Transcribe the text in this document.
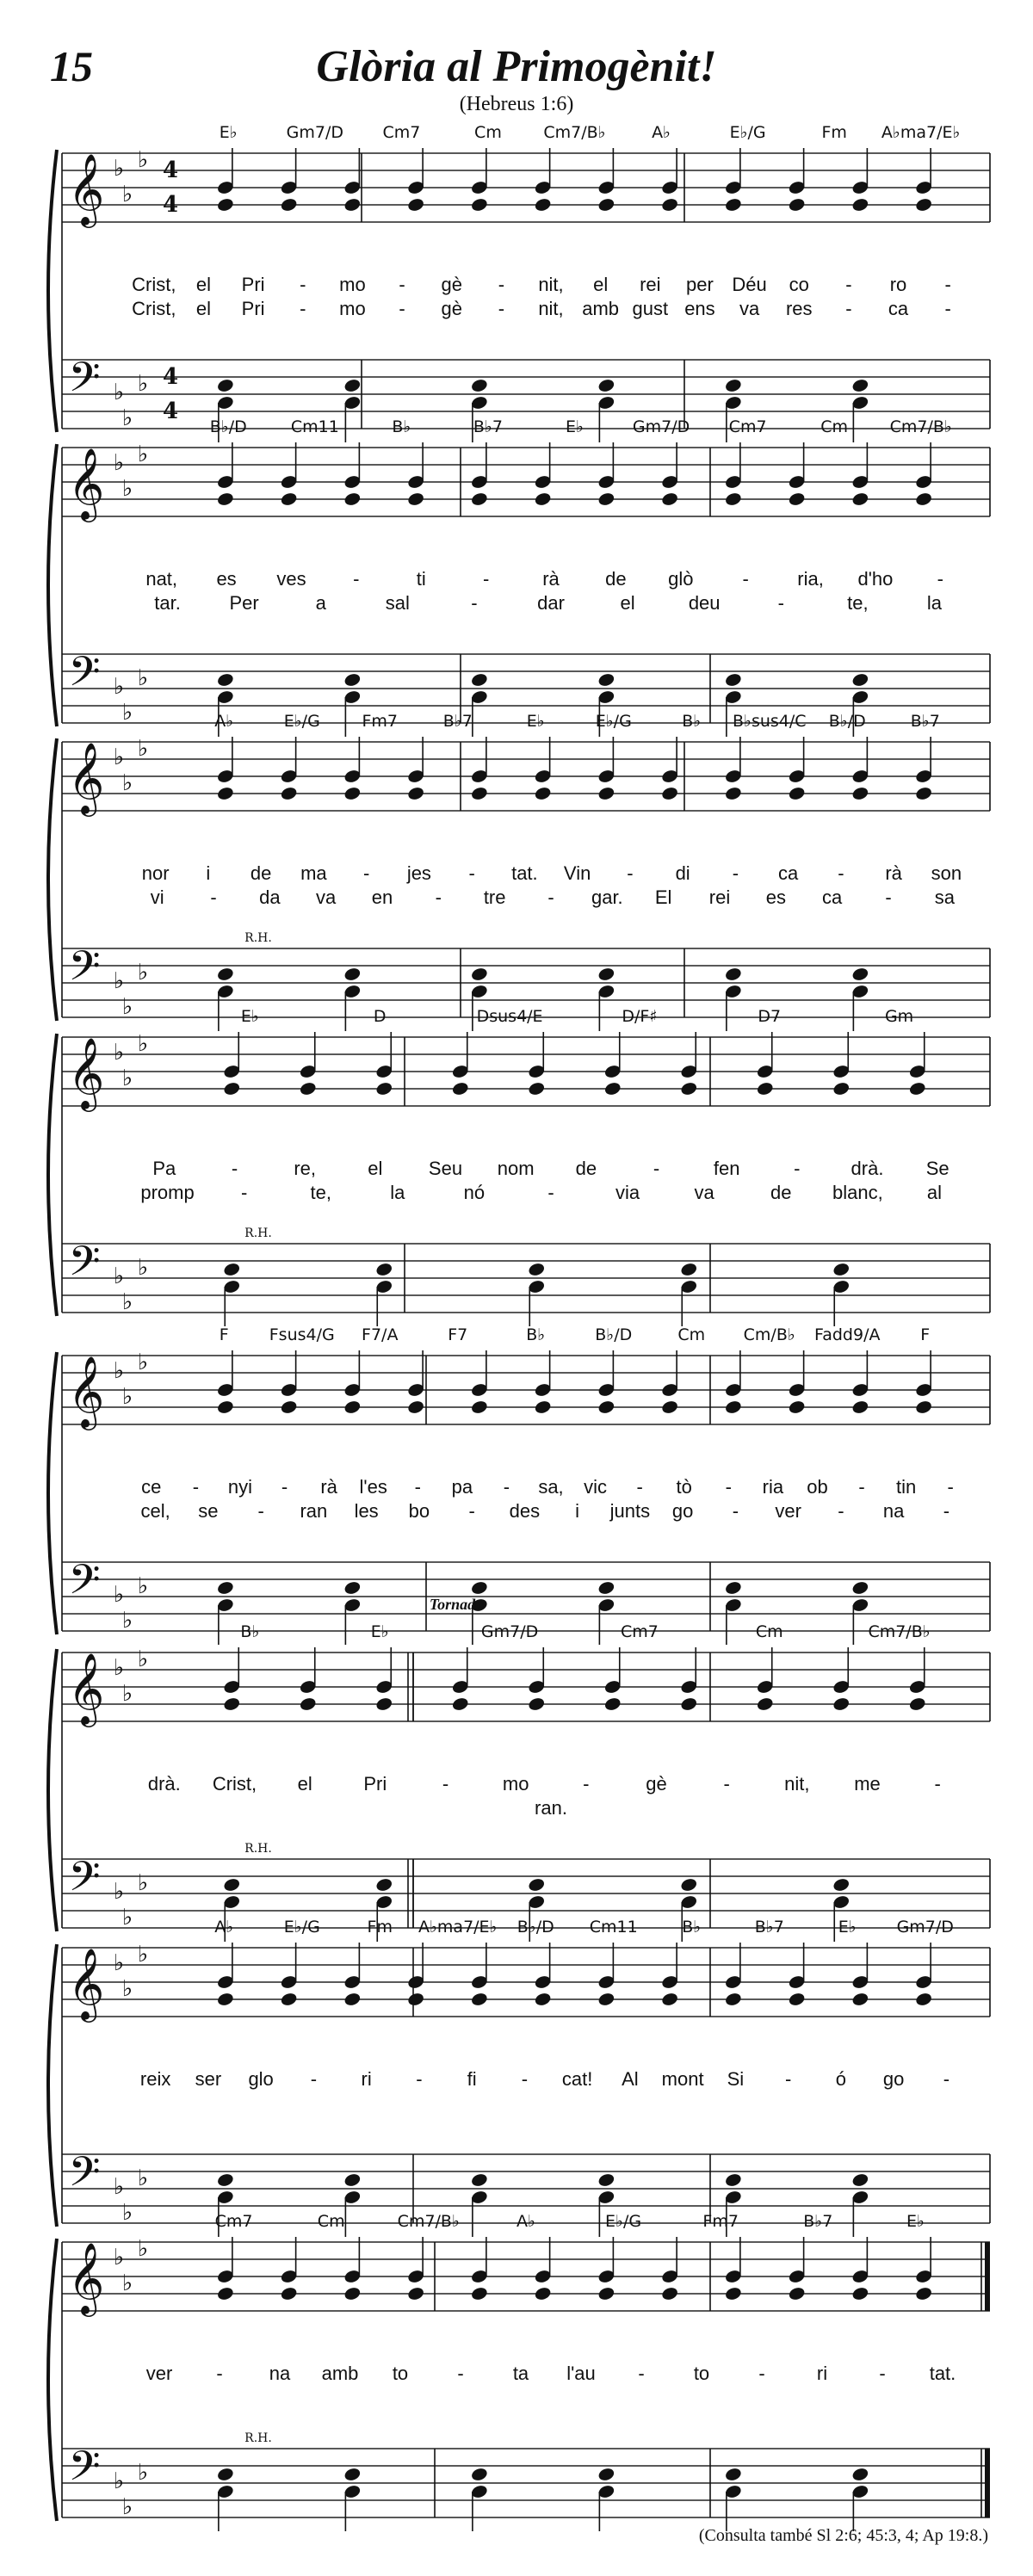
15	Glòria al Primogènit!
(Hebreus 1:6)
𝄞
𝄢
♭
♭
♭
♭
♭
♭
4
4
4
4
E♭	Gm7/D Cm7	Cm	Cm7/B♭	A♭	E♭/G	Fm A♭ma7/E♭
Crist, el Pri - mo - gè - nit, el rei per Déu co - ro -
Crist, el Pri - mo - gè - nit, amb gust ens va res - ca -
𝄞
𝄢
♭
♭
♭
♭
♭
♭
B♭/D	Cm11	B♭	B♭7	E♭	Gm7/D Cm7	Cm	Cm7/B♭
nat, es ves -	ti	-	rà de glò	-	ria, d'ho -
tar.	Per	a	sal	-	dar	el	deu	-	te,	la
𝄞
𝄢
♭
♭
♭
♭
♭
♭
A♭	E♭/G	Fm7	B♭7	E♭	E♭/G	B♭ B♭sus4/C B♭/D	B♭7
nor i de ma - jes - tat. Vin - di - ca - rà son
vi - da va en - tre - gar. El rei es ca - sa
R.H.
𝄞
𝄢
♭
♭
♭
♭
♭
♭
E♭	D	Dsus4/E	D/F♯	D7	Gm
Pa	-	re,	el Seu nom de	-	fen	-	drà. Se
promp -	te,	la	nó	-	via	va	de blanc, al
R.H.
𝄞
𝄢
♭
♭
♭
♭
♭
♭
F Fsus4/G F7/A	F7	B♭	B♭/D	Cm Cm/B♭ Fadd9/A F
ce - nyi - rà l'es - pa - sa, vic - tò - ria ob - tin -
cel, se - ran les bo - des i junts go - ver - na -
𝄞
𝄢
♭
♭
♭
♭
♭
♭
B♭	E♭	Gm7/D	Cm7	Cm	Cm7/B♭
drà. Crist, el	Pri	-	mo	-	gè	-	nit, me	-
ran.
R.H.
Tornada
𝄞
𝄢
♭
♭
♭
♭
♭
♭
A♭	E♭/G	Fm A♭ma7/E♭ B♭/D Cm11	B♭	B♭7	E♭ Gm7/D
reix ser glo - ri - fi - cat! Al mont Si - ó go -
𝄞
𝄢
♭
♭
♭
♭
♭
♭
Cm7	Cm	Cm7/B♭	A♭	E♭/G	Fm7	B♭7	E♭
ver - na amb to	-	ta l'au -	to	-	ri	- tat.
R.H.
(Consulta també Sl 2:6; 45:3, 4; Ap 19:8.)
